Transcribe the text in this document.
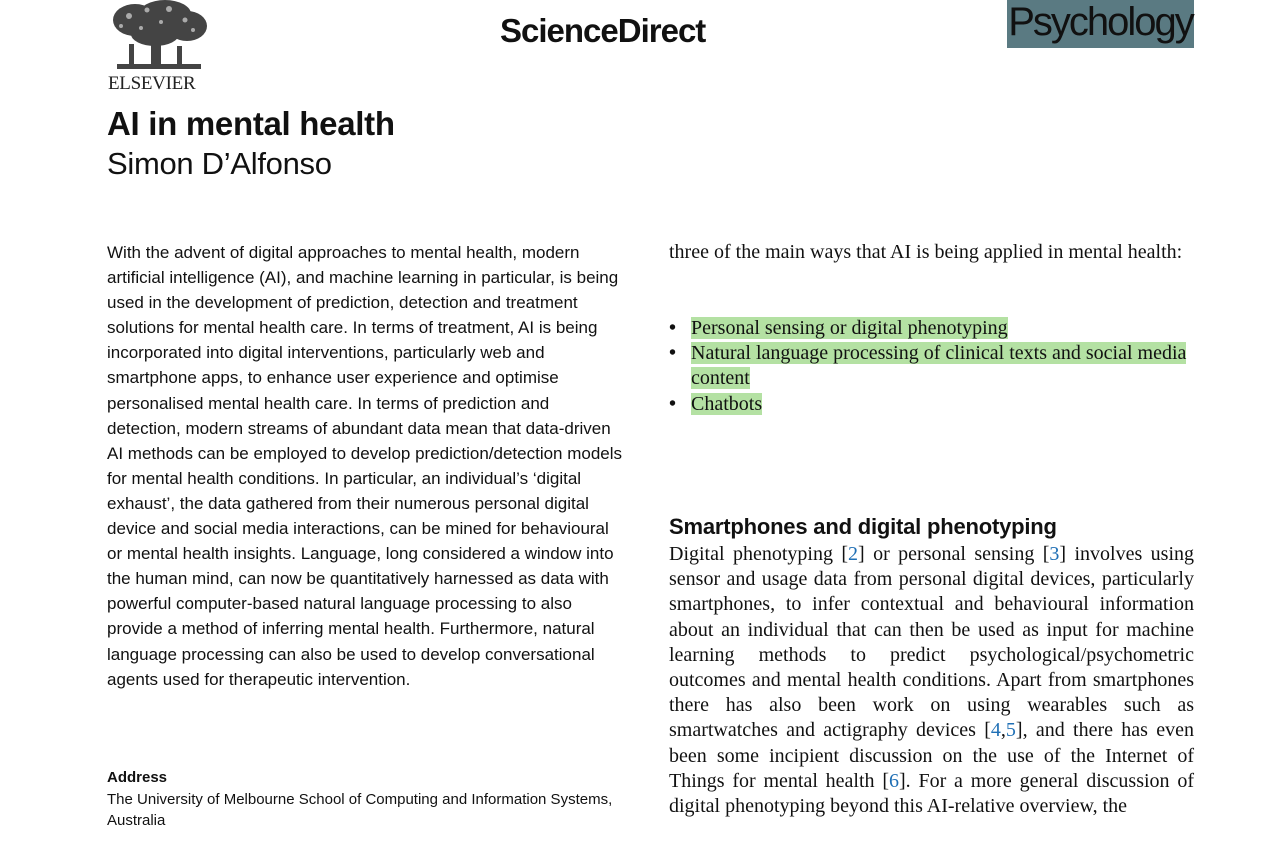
ELSEVIER
ScienceDirect	Psychology
AI in mental health
Simon D’Alfonso

With the advent of digital approaches to mental health, modern artificial intelligence (AI), and machine learning in particular, is being used in the development of prediction, detection and treatment solutions for mental health care. In terms of treatment, AI is being incorporated into digital interventions, particularly web and smartphone apps, to enhance user experience and optimise personalised mental health care. In terms of prediction and detection, modern streams of abundant data mean that data-driven AI methods can be employed to develop prediction/detection models for mental health conditions. In particular, an individual’s ‘digital exhaust’, the data gathered from their numerous personal digital device and social media interactions, can be mined for behavioural or mental health insights. Language, long considered a window into the human mind, can now be quantitatively harnessed as data with powerful computer-based natural language processing to also provide a method of inferring mental health. Furthermore, natural language processing can also be used to develop conversational agents used for therapeutic intervention.

Address
The University of Melbourne School of Computing and Information Systems, Australia

three of the main ways that AI is being applied in mental health:

• Personal sensing or digital phenotyping
• Natural language processing of clinical texts and social media content
• Chatbots
Smartphones and digital phenotyping

Digital phenotyping [2] or personal sensing [3] involves using sensor and usage data from personal digital devices, particularly smartphones, to infer contextual and behavioural information about an individual that can then be used as input for machine learning methods to predict psychological/psychometric outcomes and mental health conditions. Apart from smartphones there has also been work on using wearables such as smartwatches and actigraphy devices [4,5], and there has even been some incipient discussion on the use of the Internet of Things for mental health [6]. For a more general discussion of digital phenotyping beyond this AI-relative overview, the
